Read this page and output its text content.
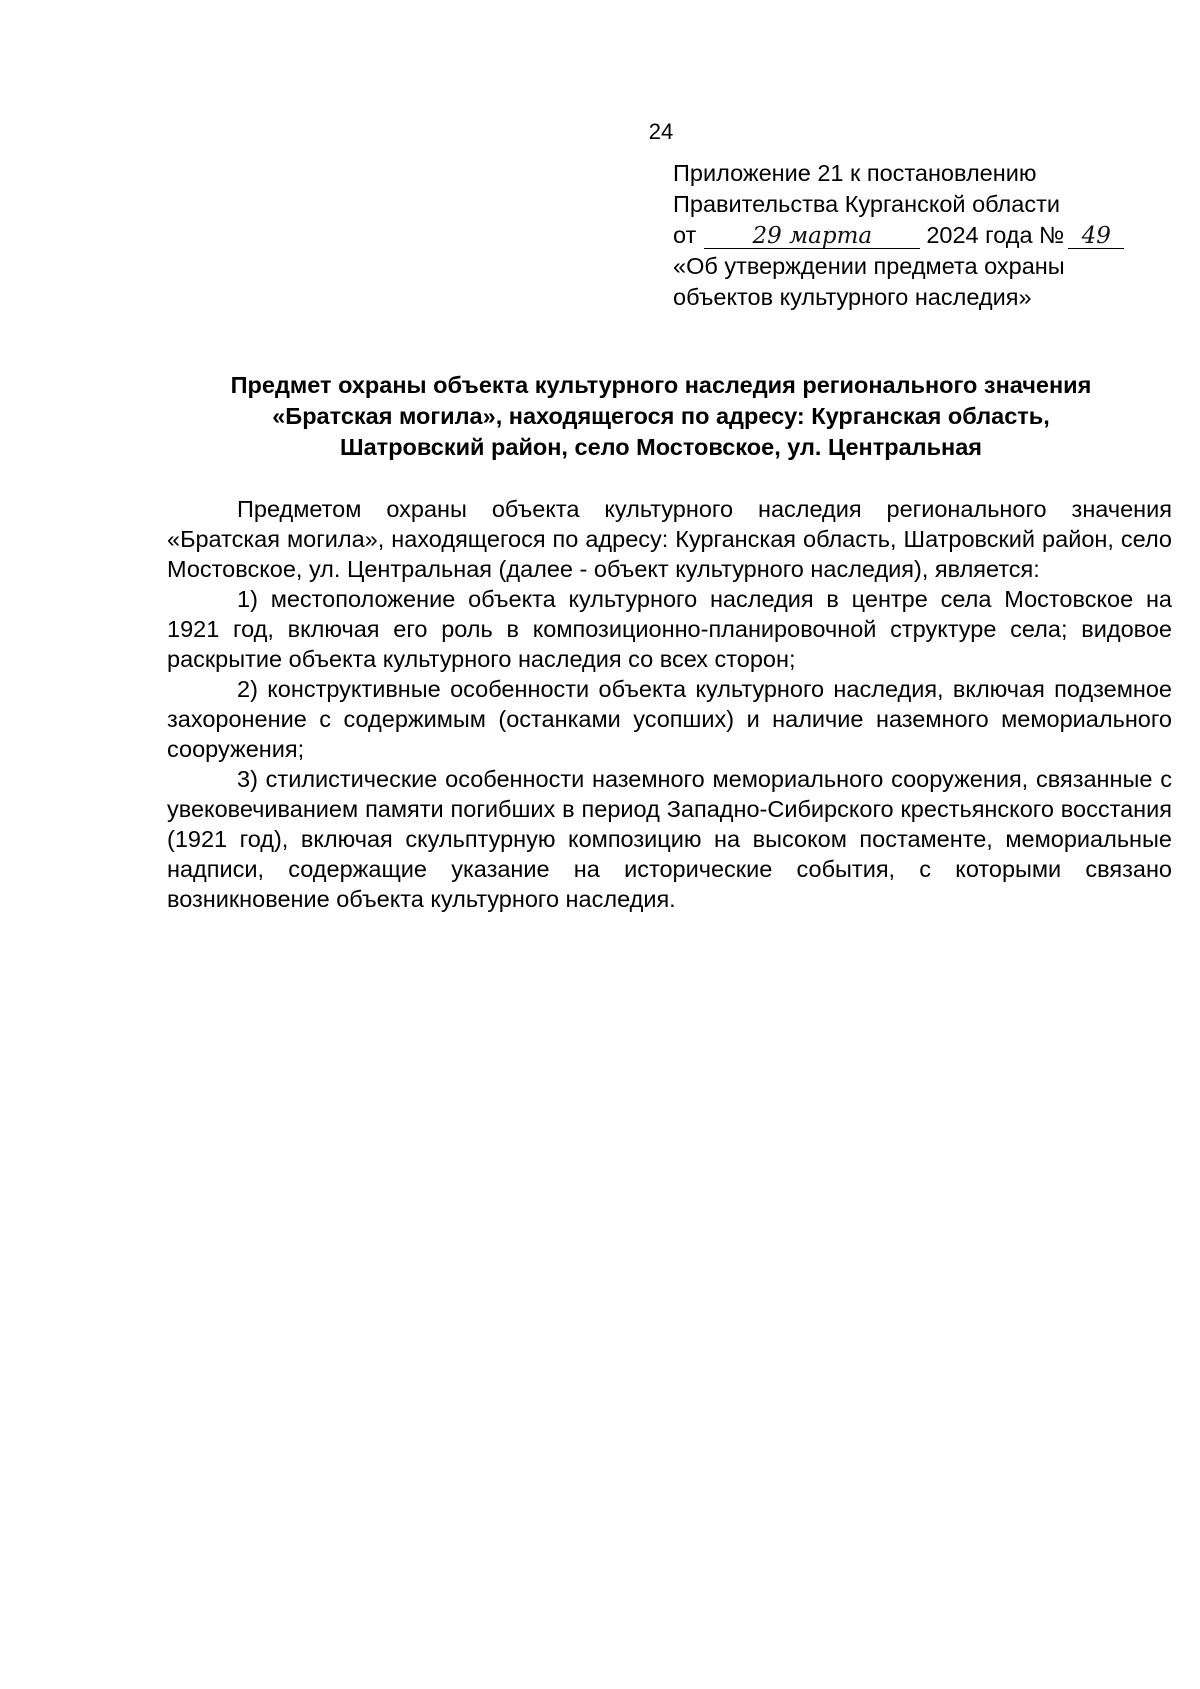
24
Приложение 21 к постановлению
Правительства Курганской области
от 29 марта 2024 года № 49
«Об утверждении предмета охраны
объектов культурного наследия»
Предмет охраны объекта культурного наследия регионального значения
«Братская могила», находящегося по адресу: Курганская область,
Шатровский район, село Мостовское, ул. Центральная

Предметом охраны объекта культурного наследия регионального значения «Братская могила», находящегося по адресу: Курганская область, Шатровский район, село Мостовское, ул. Центральная (далее - объект культурного наследия), является:

1) местоположение объекта культурного наследия в центре села Мостовское на 1921 год, включая его роль в композиционно-планировочной структуре села; видовое раскрытие объекта культурного наследия со всех сторон;

2) конструктивные особенности объекта культурного наследия, включая подземное захоронение с содержимым (останками усопших) и наличие наземного мемориального сооружения;

3) стилистические особенности наземного мемориального сооружения, связанные с увековечиванием памяти погибших в период Западно-Сибирского крестьянского восстания (1921 год), включая скульптурную композицию на высоком постаменте, мемориальные надписи, содержащие указание на исторические события, с которыми связано возникновение объекта культурного наследия.
